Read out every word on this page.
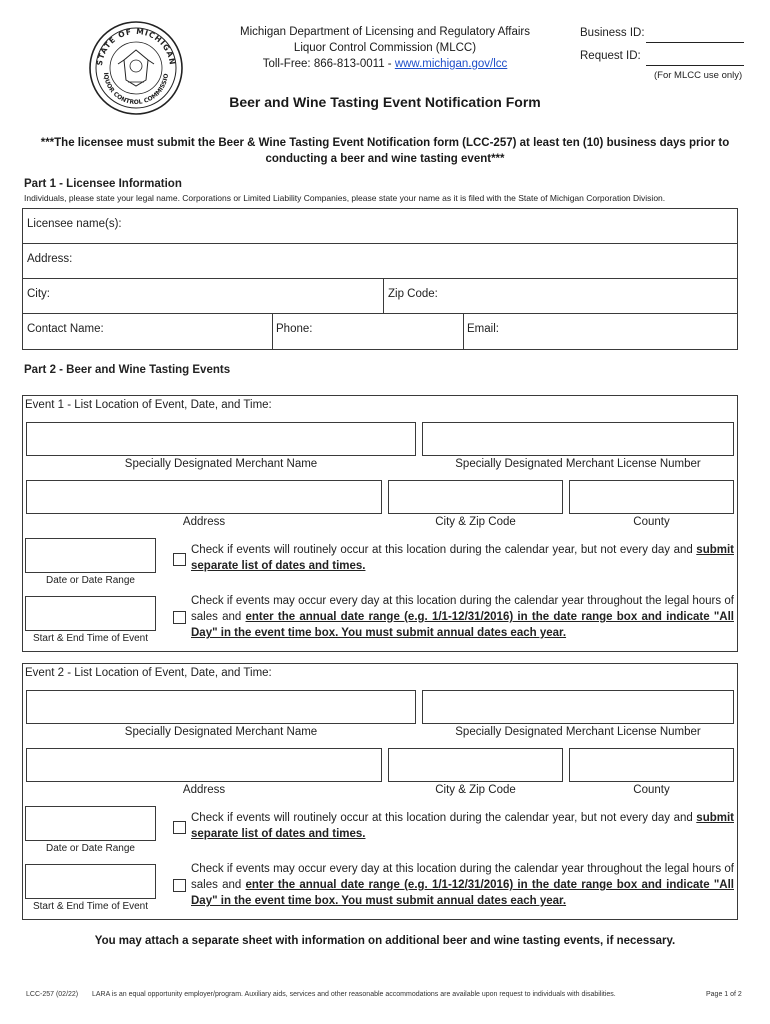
STATE OF MICHIGAN
IQUOR CONTROL COMMISSIO
Michigan Department of Licensing and Regulatory Affairs
Liquor Control Commission (MLCC)
Toll-Free: 866-813-0011 - www.michigan.gov/lcc
Business ID:
Request ID:
(For MLCC use only)
Beer and Wine Tasting Event Notification Form
***The licensee must submit the Beer & Wine Tasting Event Notification form (LCC-257) at least ten (10) business days prior to
conducting a beer and wine tasting event***
Part 1 - Licensee Information
Individuals, please state your legal name. Corporations or Limited Liability Companies, please state your name as it is filed with the State of Michigan Corporation Division.
Licensee name(s):
Address:
City:	Zip Code:
Contact Name:	Phone:	Email:
Part 2 - Beer and Wine Tasting Events
Event 1 - List Location of Event, Date, and Time:
Specially Designated Merchant Name	Specially Designated Merchant License Number
Address	City & Zip Code	County
Date or Date Range
Start & End Time of Event
Check if events will routinely occur at this location during the calendar year, but not every day and submit separate list of dates and times.
Check if events may occur every day at this location during the calendar year throughout the legal hours of sales and enter the annual date range (e.g. 1/1-12/31/2016) in the date range box and indicate "All Day" in the event time box. You must submit annual dates each year.
Event 2 - List Location of Event, Date, and Time:
Specially Designated Merchant Name	Specially Designated Merchant License Number
Address	City & Zip Code	County
Date or Date Range
Start & End Time of Event
Check if events will routinely occur at this location during the calendar year, but not every day and submit separate list of dates and times.
Check if events may occur every day at this location during the calendar year throughout the legal hours of sales and enter the annual date range (e.g. 1/1-12/31/2016) in the date range box and indicate "All Day" in the event time box. You must submit annual dates each year.
You may attach a separate sheet with information on additional beer and wine tasting events, if necessary.
LCC-257 (02/22) LARA is an equal opportunity employer/program. Auxiliary aids, services and other reasonable accommodations are available upon request to individuals with disabilities.	Page 1 of 2
